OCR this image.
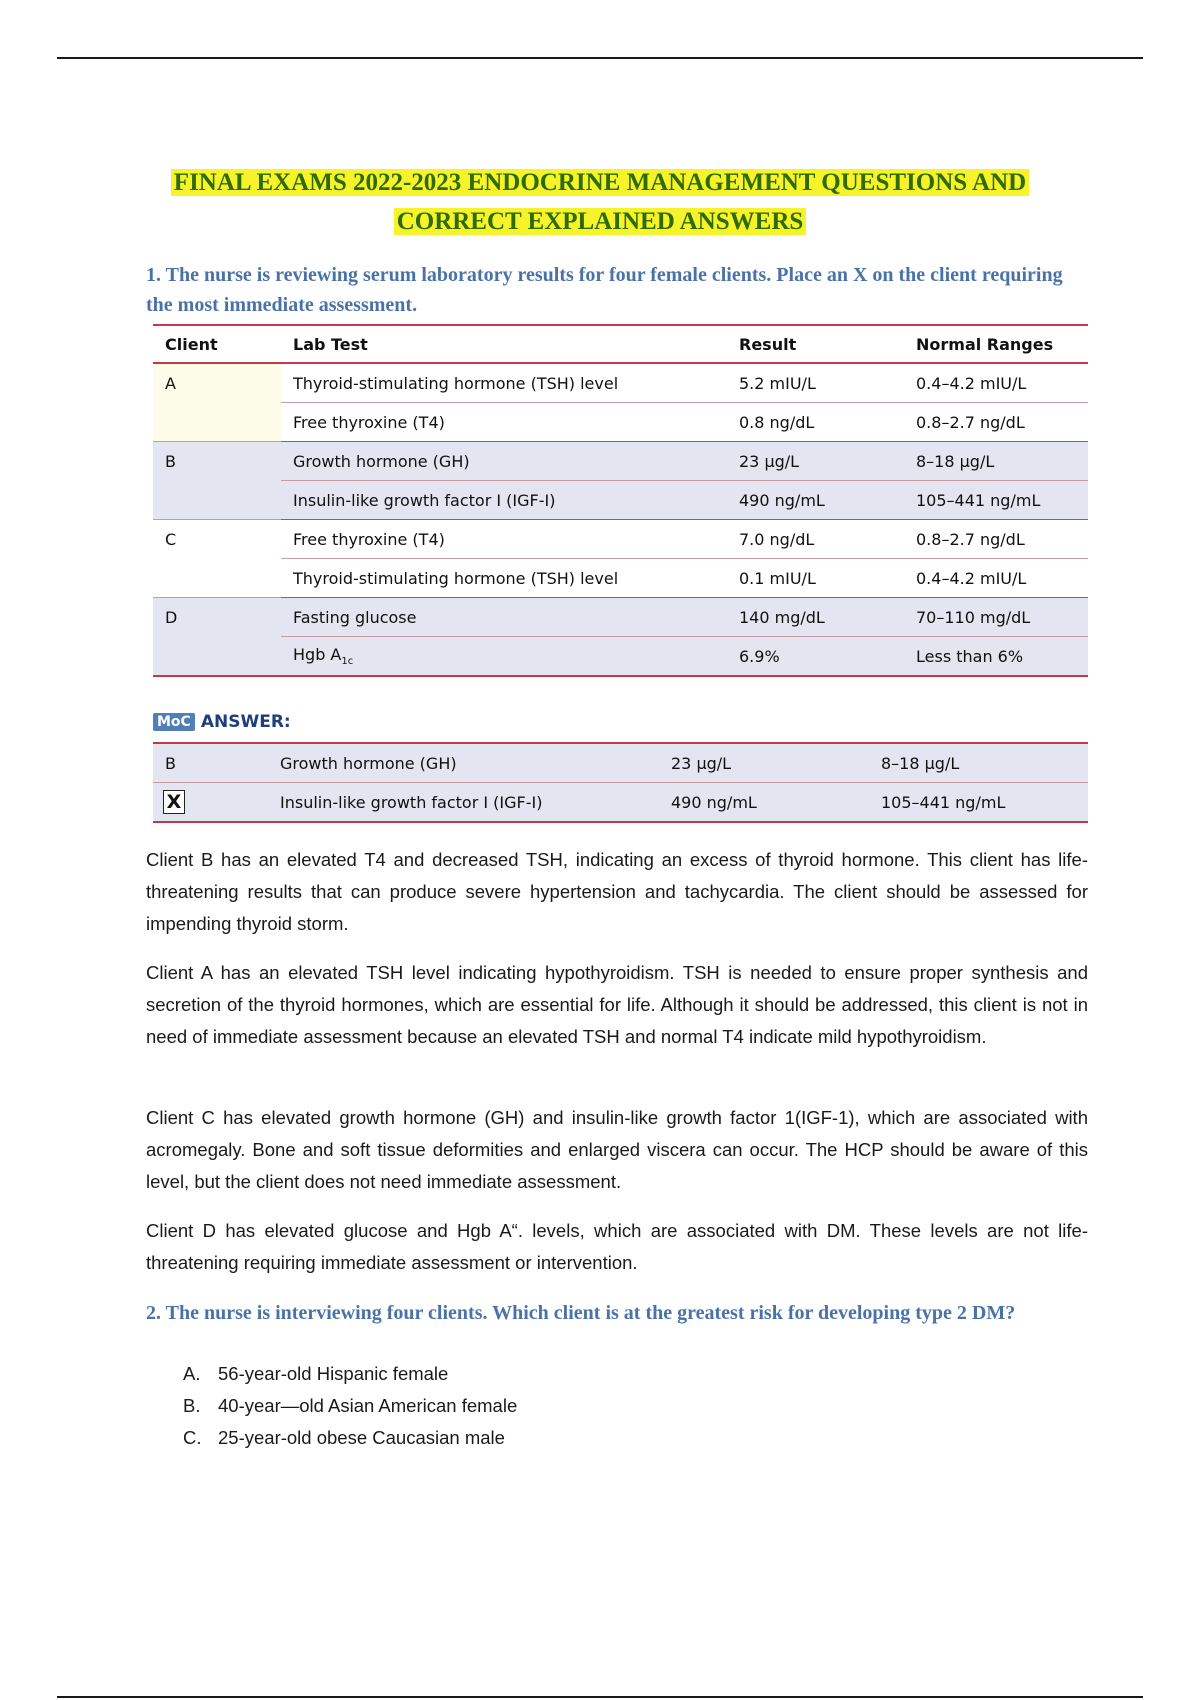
FINAL EXAMS 2022-2023 ENDOCRINE MANAGEMENT QUESTIONS AND
CORRECT EXPLAINED ANSWERS
1. The nurse is reviewing serum laboratory results for four female clients. Place an X on the client requiring the most immediate assessment.
Client	Lab Test	Result	Normal Ranges
A	Thyroid-stimulating hormone (TSH) level	5.2 mIU/L	0.4–4.2 mIU/L
	Free thyroxine (T4)	0.8 ng/dL	0.8–2.7 ng/dL
B	Growth hormone (GH)	23 µg/L	8–18 µg/L
	Insulin-like growth factor I (IGF-I)	490 ng/mL	105–441 ng/mL
C	Free thyroxine (T4)	7.0 ng/dL	0.8–2.7 ng/dL
	Thyroid-stimulating hormone (TSH) level	0.1 mIU/L	0.4–4.2 mIU/L
D	Fasting glucose	140 mg/dL	70–110 mg/dL
	Hgb $A_{1c}$	6.9%	Less than 6%
MoC ANSWER:
B	Growth hormone (GH)	23 µg/L	8–18 µg/L
X	Insulin-like growth factor I (IGF-I)	490 ng/mL	105–441 ng/mL

Client B has an elevated T4 and decreased TSH, indicating an excess of thyroid hormone. This client has life-threatening results that can produce severe hypertension and tachycardia. The client should be assessed for impending thyroid storm.

Client A has an elevated TSH level indicating hypothyroidism. TSH is needed to ensure proper synthesis and secretion of the thyroid hormones, which are essential for life. Although it should be addressed, this client is not in need of immediate assessment because an elevated TSH and normal T4 indicate mild hypothyroidism.

Client C has elevated growth hormone (GH) and insulin-like growth factor 1(IGF-1), which are associated with acromegaly. Bone and soft tissue deformities and enlarged viscera can occur. The HCP should be aware of this level, but the client does not need immediate assessment.

Client D has elevated glucose and Hgb A“. levels, which are associated with DM. These levels are not life-threatening requiring immediate assessment or intervention.

2. The nurse is interviewing four clients. Which client is at the greatest risk for developing type 2 DM?
A. 56-year-old Hispanic female
B. 40-year—old Asian American female
C. 25-year-old obese Caucasian male
